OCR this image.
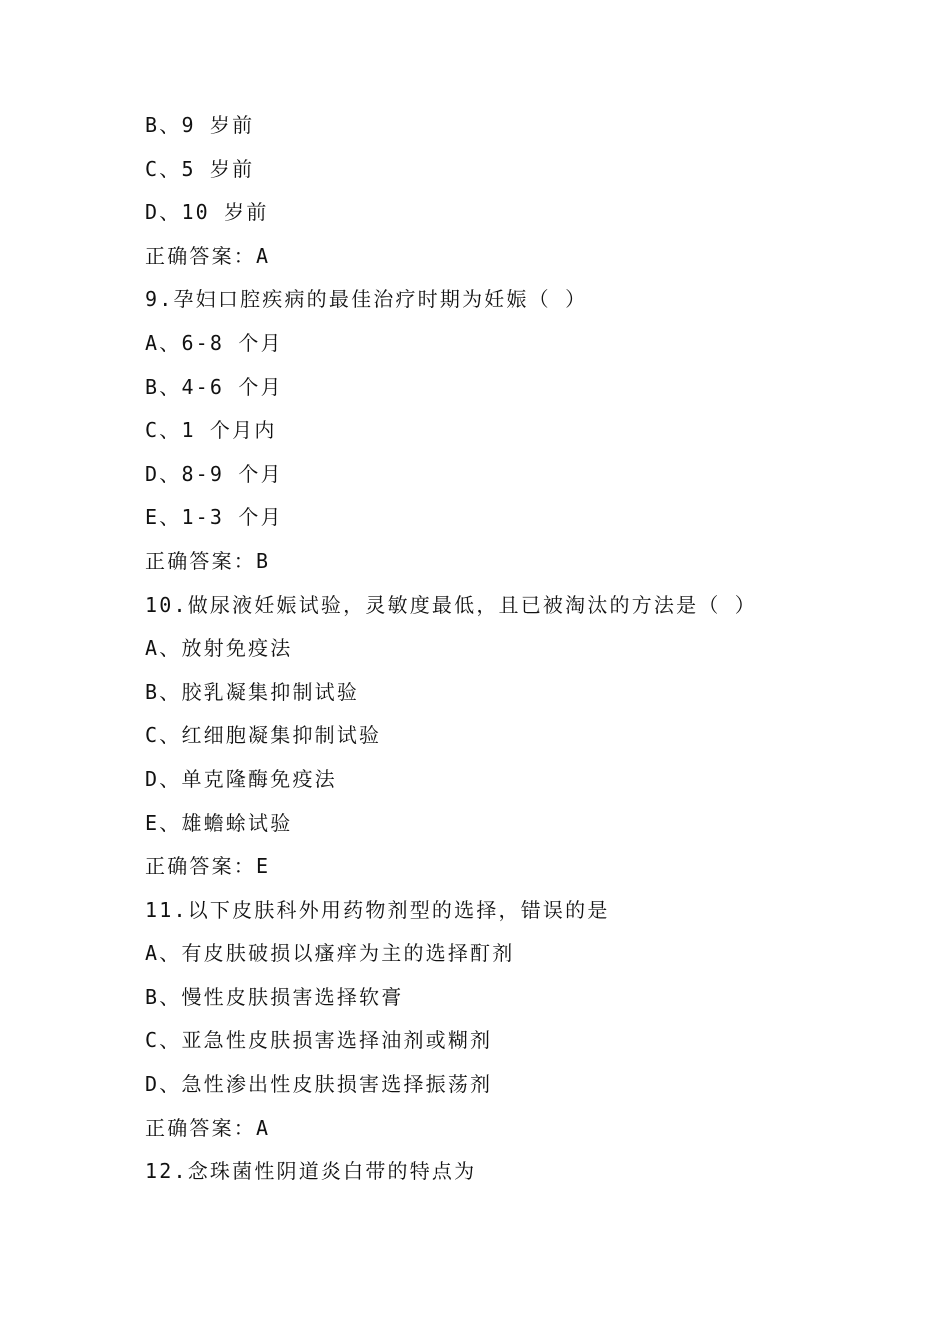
B、9 岁前
C、5 岁前
D、10 岁前
正确答案：A
9.孕妇口腔疾病的最佳治疗时期为妊娠（ ）
A、6-8 个月
B、4-6 个月
C、1 个月内
D、8-9 个月
E、1-3 个月
正确答案：B
10.做尿液妊娠试验，灵敏度最低，且已被淘汰的方法是（ ）
A、放射免疫法
B、胶乳凝集抑制试验
C、红细胞凝集抑制试验
D、单克隆酶免疫法
E、雄蟾蜍试验
正确答案：E
11.以下皮肤科外用药物剂型的选择，错误的是
A、有皮肤破损以瘙痒为主的选择酊剂
B、慢性皮肤损害选择软膏
C、亚急性皮肤损害选择油剂或糊剂
D、急性渗出性皮肤损害选择振荡剂
正确答案：A
12.念珠菌性阴道炎白带的特点为
